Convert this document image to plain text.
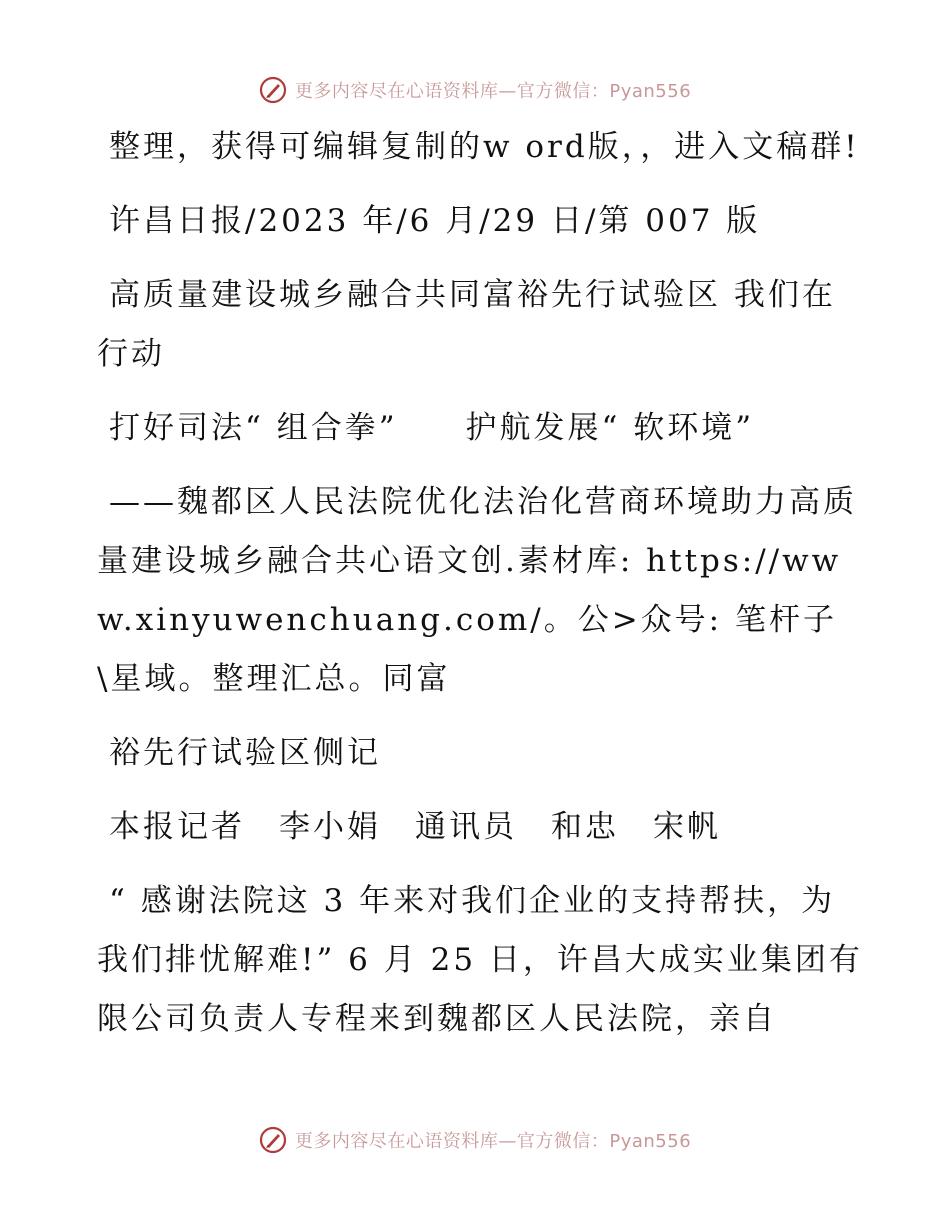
更多内容尽在心语资料库—官方微信：Pyan556

整理，获得可编辑复制的w ord版，，进入文稿群!

许昌日报/2023 年/6 月/29 日/第 007 版

高质量建设城乡融合共同富裕先行试验区 我们在行动

打好司法“ 组合拳”　　护航发展“ 软环境”

——魏都区人民法院优化法治化营商环境助力高质量建设城乡融合共心语文创.素材库: https://www.xinyuwenchuang.com/。公>众号: 笔杆子\星域。整理汇总。同富

裕先行试验区侧记

本报记者　李小娟　通讯员　和忠　宋帆

“ 感谢法院这 3 年来对我们企业的支持帮扶，为我们排忧解难!” 6 月 25 日，许昌大成实业集团有限公司负责人专程来到魏都区人民法院，亲自

更多内容尽在心语资料库—官方微信：Pyan556
